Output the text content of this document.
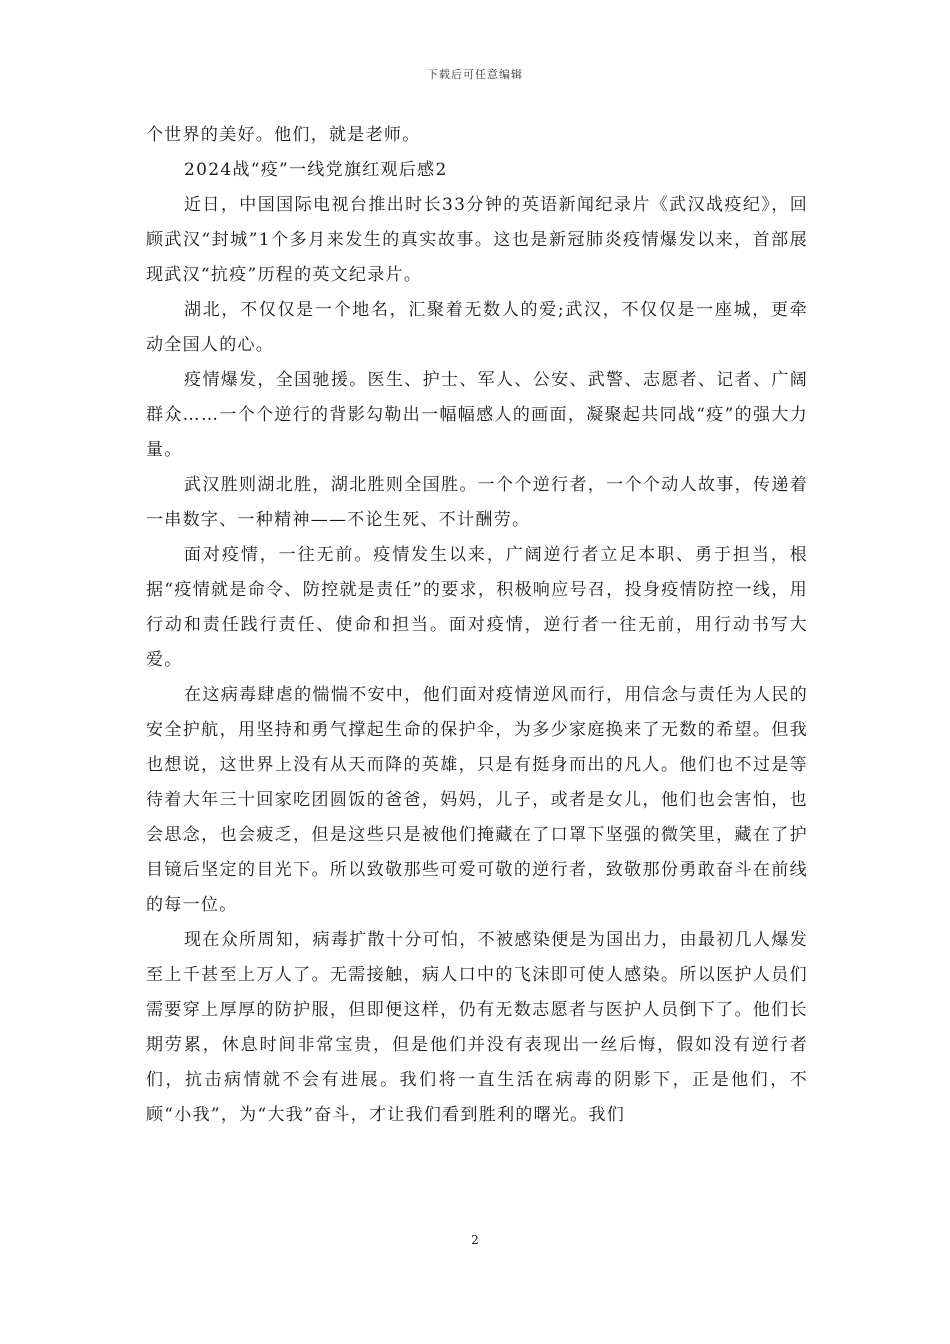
下载后可任意编辑

个世界的美好。他们，就是老师。

2024战“疫”一线党旗红观后感2

近日，中国国际电视台推出时长33分钟的英语新闻纪录片《武汉战疫纪》，回顾武汉“封城”1个多月来发生的真实故事。这也是新冠肺炎疫情爆发以来，首部展现武汉“抗疫”历程的英文纪录片。

湖北，不仅仅是一个地名，汇聚着无数人的爱;武汉，不仅仅是一座城，更牵动全国人的心。

疫情爆发，全国驰援。医生、护士、军人、公安、武警、志愿者、记者、广阔群众……一个个逆行的背影勾勒出一幅幅感人的画面，凝聚起共同战“疫”的强大力量。

武汉胜则湖北胜，湖北胜则全国胜。一个个逆行者，一个个动人故事，传递着一串数字、一种精神——不论生死、不计酬劳。

面对疫情，一往无前。疫情发生以来，广阔逆行者立足本职、勇于担当，根据“疫情就是命令、防控就是责任”的要求，积极响应号召，投身疫情防控一线，用行动和责任践行责任、使命和担当。面对疫情，逆行者一往无前，用行动书写大爱。

在这病毒肆虐的惴惴不安中，他们面对疫情逆风而行，用信念与责任为人民的安全护航，用坚持和勇气撑起生命的保护伞，为多少家庭换来了无数的希望。但我也想说，这世界上没有从天而降的英雄，只是有挺身而出的凡人。他们也不过是等待着大年三十回家吃团圆饭的爸爸，妈妈，儿子，或者是女儿，他们也会害怕，也会思念，也会疲乏，但是这些只是被他们掩藏在了口罩下坚强的微笑里，藏在了护目镜后坚定的目光下。所以致敬那些可爱可敬的逆行者，致敬那份勇敢奋斗在前线的每一位。

现在众所周知，病毒扩散十分可怕，不被感染便是为国出力，由最初几人爆发至上千甚至上万人了。无需接触，病人口中的飞沫即可使人感染。所以医护人员们需要穿上厚厚的防护服，但即便这样，仍有无数志愿者与医护人员倒下了。他们长期劳累，休息时间非常宝贵，但是他们并没有表现出一丝后悔，假如没有逆行者们，抗击病情就不会有进展。我们将一直生活在病毒的阴影下，正是他们，不顾“小我”，为“大我”奋斗，才让我们看到胜利的曙光。我们

2
